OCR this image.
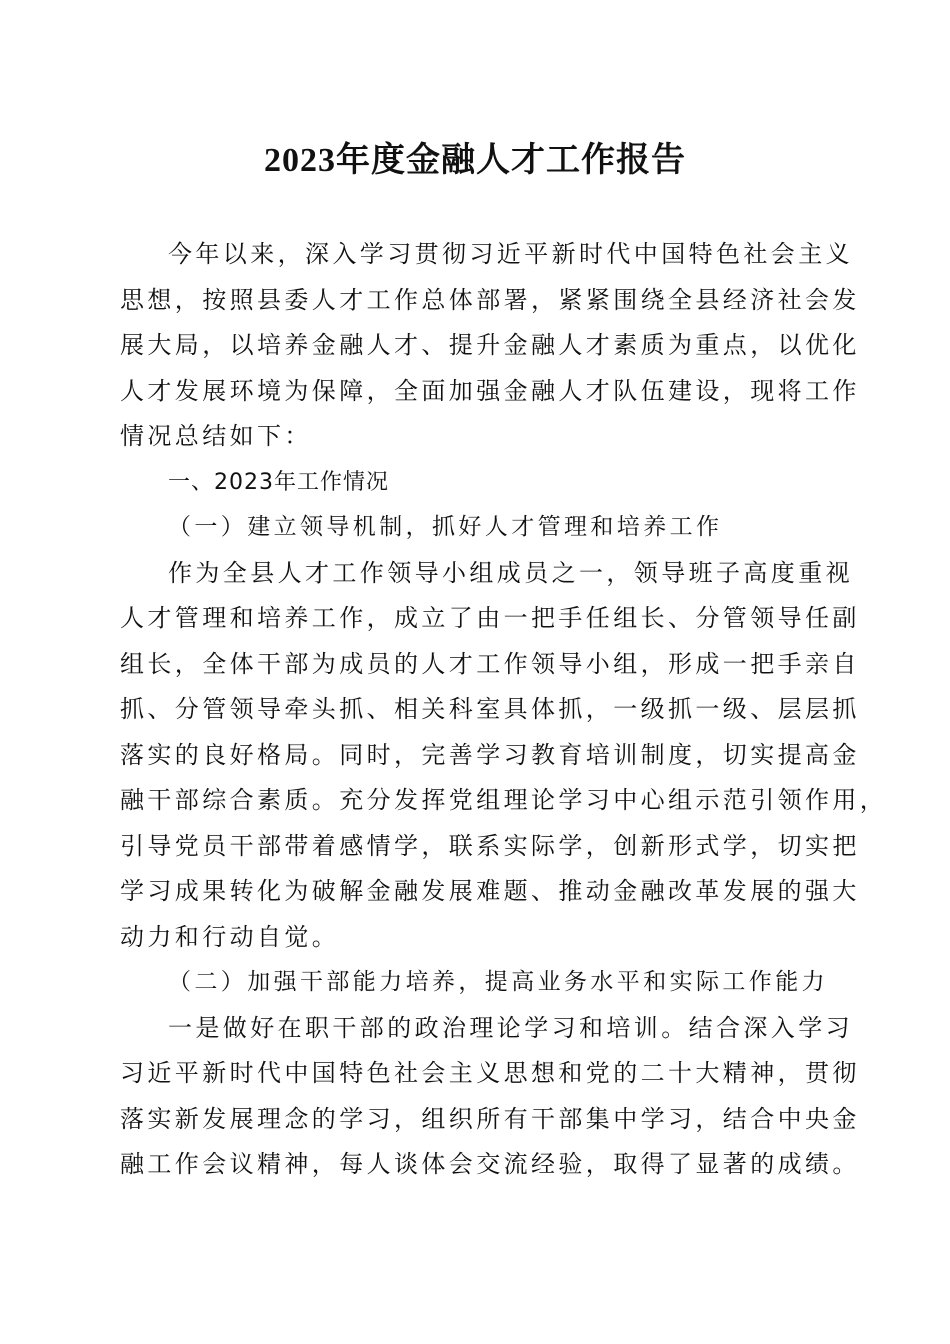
2023年度金融人才工作报告
今年以来，深入学习贯彻习近平新时代中国特色社会主义
思想，按照县委人才工作总体部署，紧紧围绕全县经济社会发
展大局，以培养金融人才、提升金融人才素质为重点，以优化
人才发展环境为保障，全面加强金融人才队伍建设，现将工作
情况总结如下：
一、2023年工作情况
（一）建立领导机制，抓好人才管理和培养工作
作为全县人才工作领导小组成员之一，领导班子高度重视
人才管理和培养工作，成立了由一把手任组长、分管领导任副
组长，全体干部为成员的人才工作领导小组，形成一把手亲自
抓、分管领导牵头抓、相关科室具体抓，一级抓一级、层层抓
落实的良好格局。同时，完善学习教育培训制度，切实提高金
融干部综合素质。充分发挥党组理论学习中心组示范引领作用，
引导党员干部带着感情学，联系实际学，创新形式学，切实把
学习成果转化为破解金融发展难题、推动金融改革发展的强大
动力和行动自觉。
（二）加强干部能力培养，提高业务水平和实际工作能力
一是做好在职干部的政治理论学习和培训。结合深入学习
习近平新时代中国特色社会主义思想和党的二十大精神，贯彻
落实新发展理念的学习，组织所有干部集中学习，结合中央金
融工作会议精神，每人谈体会交流经验，取得了显著的成绩。
